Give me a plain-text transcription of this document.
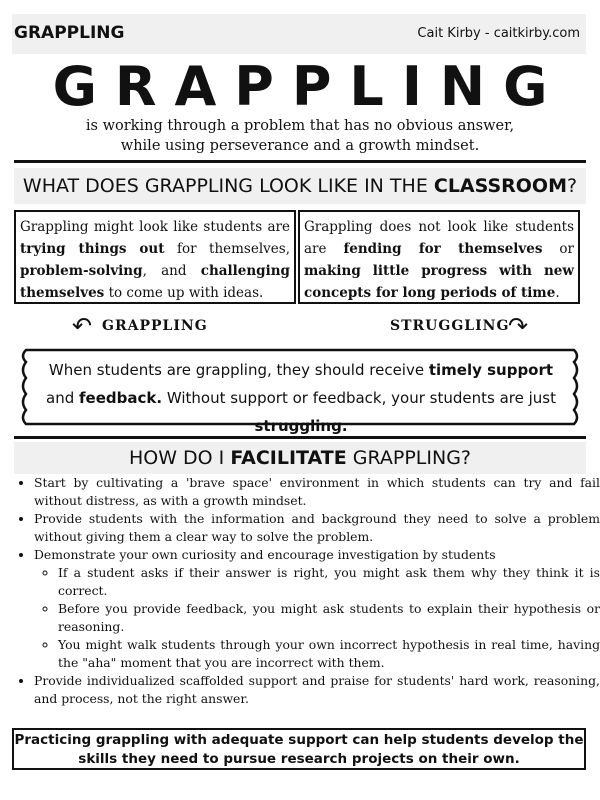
GRAPPLING	Cait Kirby - caitkirby.com
GRAPPLING
is working through a problem that has no obvious answer,
while using perseverance and a growth mindset.
WHAT DOES GRAPPLING LOOK LIKE IN THE CLASSROOM?
Grappling might look like students are trying things out for themselves, problem-solving, and challenging themselves to come up with ideas.
Grappling does not look like students are fending for themselves or making little progress with new concepts for long periods of time.
↶ GRAPPLING	STRUGGLING
↷
When students are grappling, they should receive timely support and feedback. Without support or feedback, your students are just struggling.
HOW DO I FACILITATE GRAPPLING?
• Start by cultivating a 'brave space' environment in which students can try and fail without distress, as with a growth mindset.
• Provide students with the information and background they need to solve a problem without giving them a clear way to solve the problem.
• Demonstrate your own curiosity and encourage investigation by students
◦ If a student asks if their answer is right, you might ask them why they think it is correct.
◦ Before you provide feedback, you might ask students to explain their hypothesis or reasoning.
◦ You might walk students through your own incorrect hypothesis in real time, having the "aha" moment that you are incorrect with them.
• Provide individualized scaffolded support and praise for students' hard work, reasoning, and process, not the right answer.
Practicing grappling with adequate support can help students develop the skills they need to pursue research projects on their own.
